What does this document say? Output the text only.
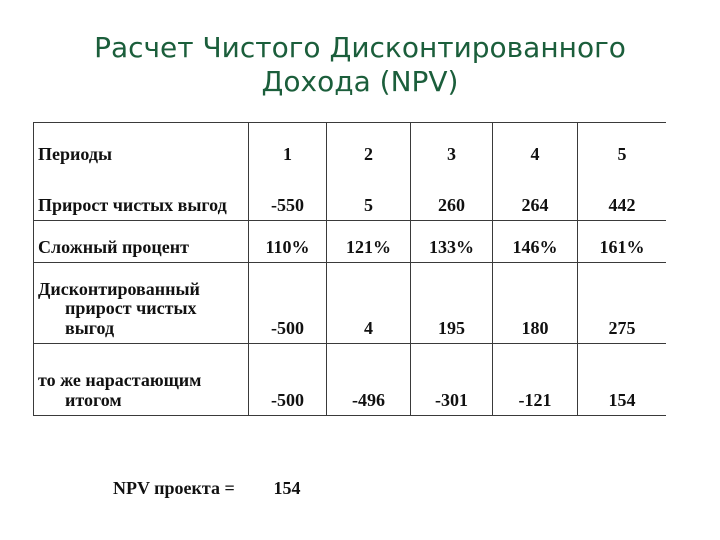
Расчет Чистого Дисконтированного Дохода (NPV)
Периоды	1	2	3	4	5
Прирост чистых выгод	-550	5	260	264	442
Сложный процент	110% 121% 133% 146% 161%
Дисконтированный
прирост чистых
выгод	-500	4	195	180	275
то же нарастающим
итогом	-500	-496	-301	-121	154
NPV проекта =	154
